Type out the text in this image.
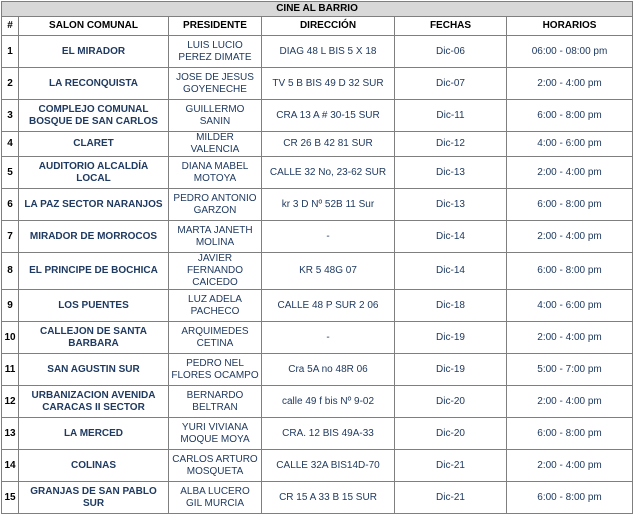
CINE AL BARRIO					
#	SALON COMUNAL	PRESIDENTE	DIRECCIÓN	FECHAS	HORARIOS
1	EL MIRADOR	LUIS LUCIO PEREZ DIMATE	DIAG 48 L BIS 5 X 18	Dic-06	06:00 - 08:00 pm
2	LA RECONQUISTA	JOSE DE JESUS GOYENECHE	TV 5 B BIS 49 D 32 SUR	Dic-07	2:00 - 4:00 pm
3	COMPLEJO COMUNAL BOSQUE DE SAN CARLOS	GUILLERMO SANIN	CRA 13 A # 30-15 SUR	Dic-11	6:00 - 8:00 pm
4	CLARET	MILDER VALENCIA	CR 26 B 42 81 SUR	Dic-12	4:00 - 6:00 pm
5	AUDITORIO ALCALDÍA LOCAL	DIANA MABEL MOTOYA	CALLE 32 No, 23-62 SUR	Dic-13	2:00 - 4:00 pm
6	LA PAZ SECTOR NARANJOS	PEDRO ANTONIO GARZON	kr 3 D Nº 52B 11 Sur	Dic-13	6:00 - 8:00 pm
7	MIRADOR DE MORROCOS	MARTA JANETH MOLINA	-	Dic-14	2:00 - 4:00 pm
8	EL PRINCIPE DE BOCHICA	JAVIER FERNANDO CAICEDO	KR 5 48G 07	Dic-14	6:00 - 8:00 pm
9	LOS PUENTES	LUZ ADELA PACHECO	CALLE 48 P SUR 2 06	Dic-18	4:00 - 6:00 pm
10	CALLEJON DE SANTA BARBARA	ARQUIMEDES CETINA	-	Dic-19	2:00 - 4:00 pm
11	SAN AGUSTIN SUR	PEDRO NEL FLORES OCAMPO	Cra 5A no 48R 06	Dic-19	5:00 - 7:00 pm
12	URBANIZACION AVENIDA CARACAS II SECTOR	BERNARDO BELTRAN	calle 49 f bis Nº 9-02	Dic-20	2:00 - 4:00 pm
13	LA MERCED	YURI VIVIANA MOQUE MOYA	CRA. 12 BIS 49A-33	Dic-20	6:00 - 8:00 pm
14	COLINAS	CARLOS ARTURO MOSQUETA	CALLE 32A BIS14D-70	Dic-21	2:00 - 4:00 pm
15	GRANJAS DE SAN PABLO SUR	ALBA LUCERO GIL MURCIA	CR 15 A 33 B 15 SUR	Dic-21	6:00 - 8:00 pm
